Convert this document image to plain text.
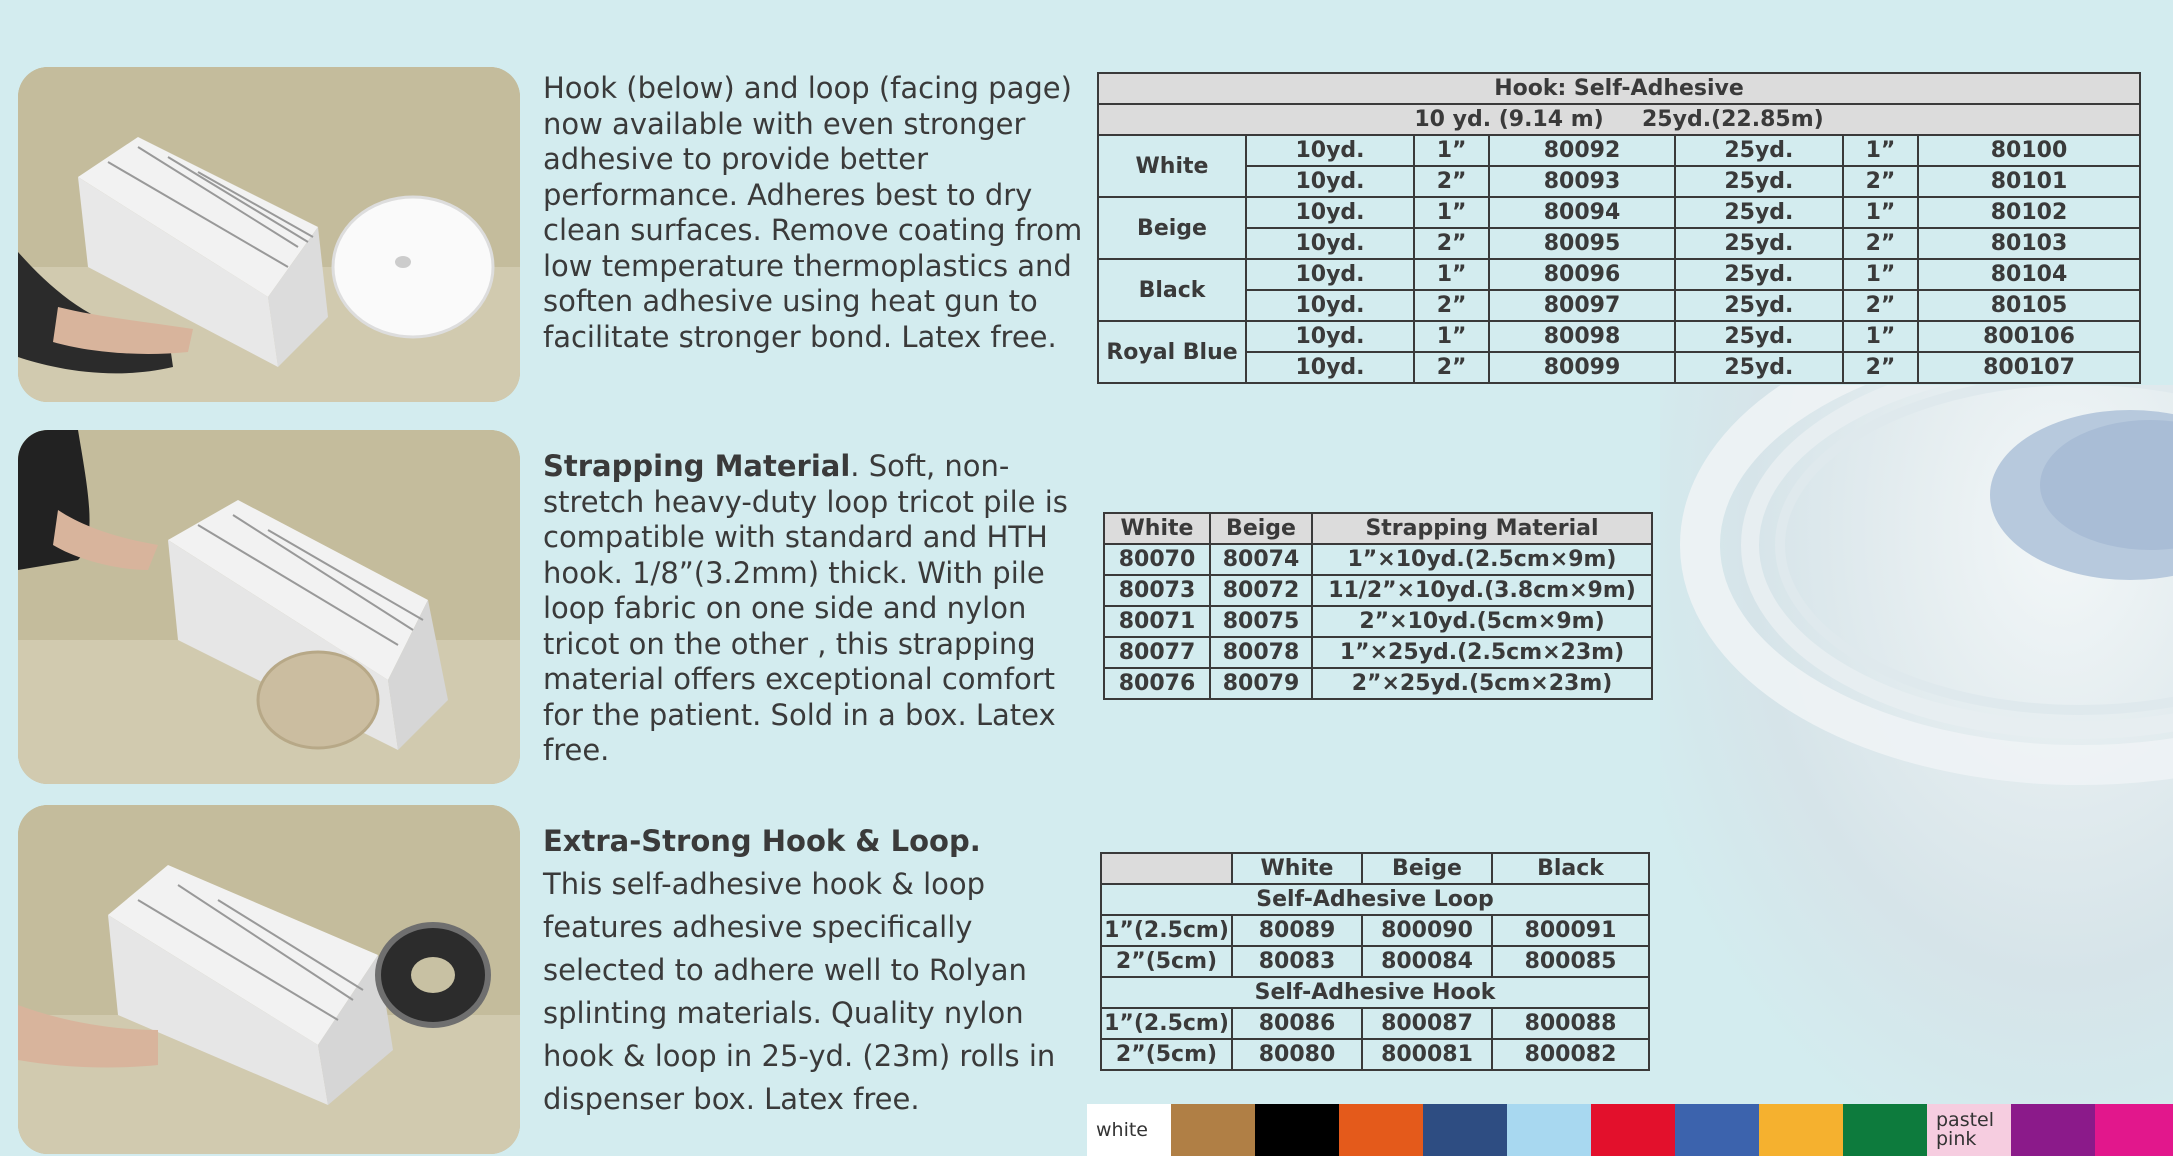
Hook (below) and loop (facing page) now available with even stronger adhesive to provide better performance. Adheres best to dry clean surfaces. Remove coating from low temperature thermoplastics and soften adhesive using heat gun to facilitate stronger bond. Latex free.
Strapping Material. Soft, non-stretch heavy-duty loop tricot pile is compatible with standard and HTH hook. 1/8”(3.2mm) thick. With pile loop fabric on one side and nylon tricot on the other , this strapping material offers exceptional comfort for the patient. Sold in a box. Latex free.
Extra-Strong Hook & Loop.
This self-adhesive hook & loop features adhesive specifically selected to adhere well to Rolyan splinting materials. Quality nylon hook & loop in 25-yd. (23m) rolls in dispenser box. Latex free.
Hook: Self-Adhesive						
10 yd. (9.14 m) 25yd.(22.85m)						
White	10yd.	1”	80092	25yd.	1”	80100
	10yd.	2”	80093	25yd.	2”	80101
Beige	10yd.	1”	80094	25yd.	1”	80102
	10yd.	2”	80095	25yd.	2”	80103
Black	10yd.	1”	80096	25yd.	1”	80104
	10yd.	2”	80097	25yd.	2”	80105
Royal Blue	10yd.	1”	80098	25yd.	1”	800106
	10yd.	2”	80099	25yd.	2”	800107
White	Beige	Strapping Material
80070	80074	1”×10yd.(2.5cm×9m)
80073	80072	11/2”×10yd.(3.8cm×9m)
80071	80075	2”×10yd.(5cm×9m)
80077	80078	1”×25yd.(2.5cm×23m)
80076	80079	2”×25yd.(5cm×23m)
	White	Beige	Black
Self-Adhesive Loop			
1”(2.5cm)	80089	800090	800091
2”(5cm)	80083	800084	800085
Self-Adhesive Hook			
1”(2.5cm)	80086	800087	800088
2”(5cm)	80080	800081	800082
white	pastel pink
